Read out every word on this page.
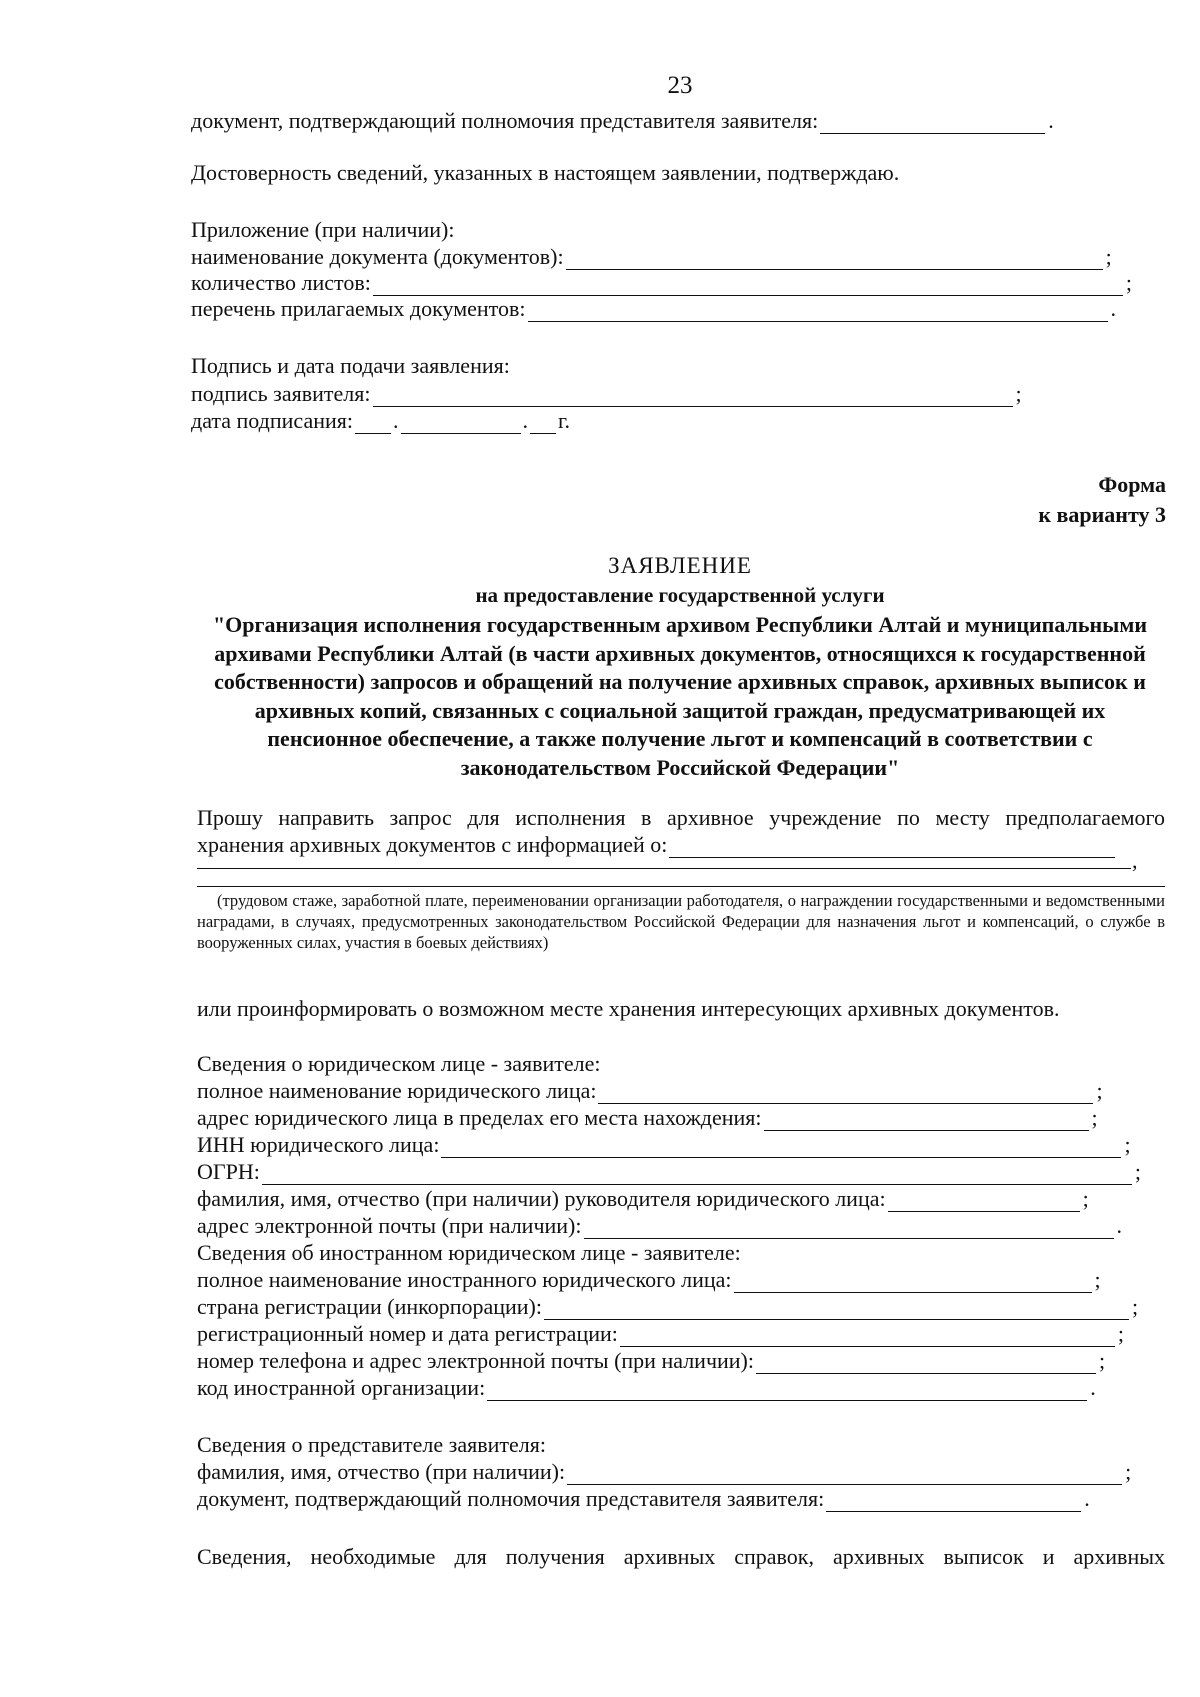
23
документ, подтверждающий полномочия представителя заявителя:	.
Достоверность сведений, указанных в настоящем заявлении, подтверждаю.
Приложение (при наличии):
наименование документа (документов):	;
количество листов:	;
перечень прилагаемых документов:	.
Подпись и дата подачи заявления:
подпись заявителя:	;
дата подписания: .	. г.
Форма
к варианту 3
ЗАЯВЛЕНИЕ
на предоставление государственной услуги
"Организация исполнения государственным архивом Республики Алтай и муниципальными архивами Республики Алтай (в части архивных документов, относящихся к государственной собственности) запросов и обращений на получение архивных справок, архивных выписок и архивных копий, связанных с социальной защитой граждан, предусматривающей их пенсионное обеспечение, а также получение льгот и компенсаций в соответствии с законодательством Российской Федерации"
Прошу направить запрос для исполнения в архивное учреждение по месту предполагаемого
хранения архивных документов с информацией о:
,
(трудовом стаже, заработной плате, переименовании организации работодателя, о награждении государственными и ведомственными наградами, в случаях, предусмотренных законодательством Российской Федерации для назначения льгот и компенсаций, о службе в вооруженных силах, участия в боевых действиях)
или проинформировать о возможном месте хранения интересующих архивных документов.
Сведения о юридическом лице - заявителе:
полное наименование юридического лица:	;
адрес юридического лица в пределах его места нахождения:	;
ИНН юридического лица:	;
ОГРН:	;
фамилия, имя, отчество (при наличии) руководителя юридического лица:	;
адрес электронной почты (при наличии):	.
Сведения об иностранном юридическом лице - заявителе:
полное наименование иностранного юридического лица:	;
страна регистрации (инкорпорации):	;
регистрационный номер и дата регистрации:	;
номер телефона и адрес электронной почты (при наличии):	;
код иностранной организации:	.
Сведения о представителе заявителя:
фамилия, имя, отчество (при наличии):	;
документ, подтверждающий полномочия представителя заявителя:	.
Сведения, необходимые для получения архивных справок, архивных выписок и архивных
